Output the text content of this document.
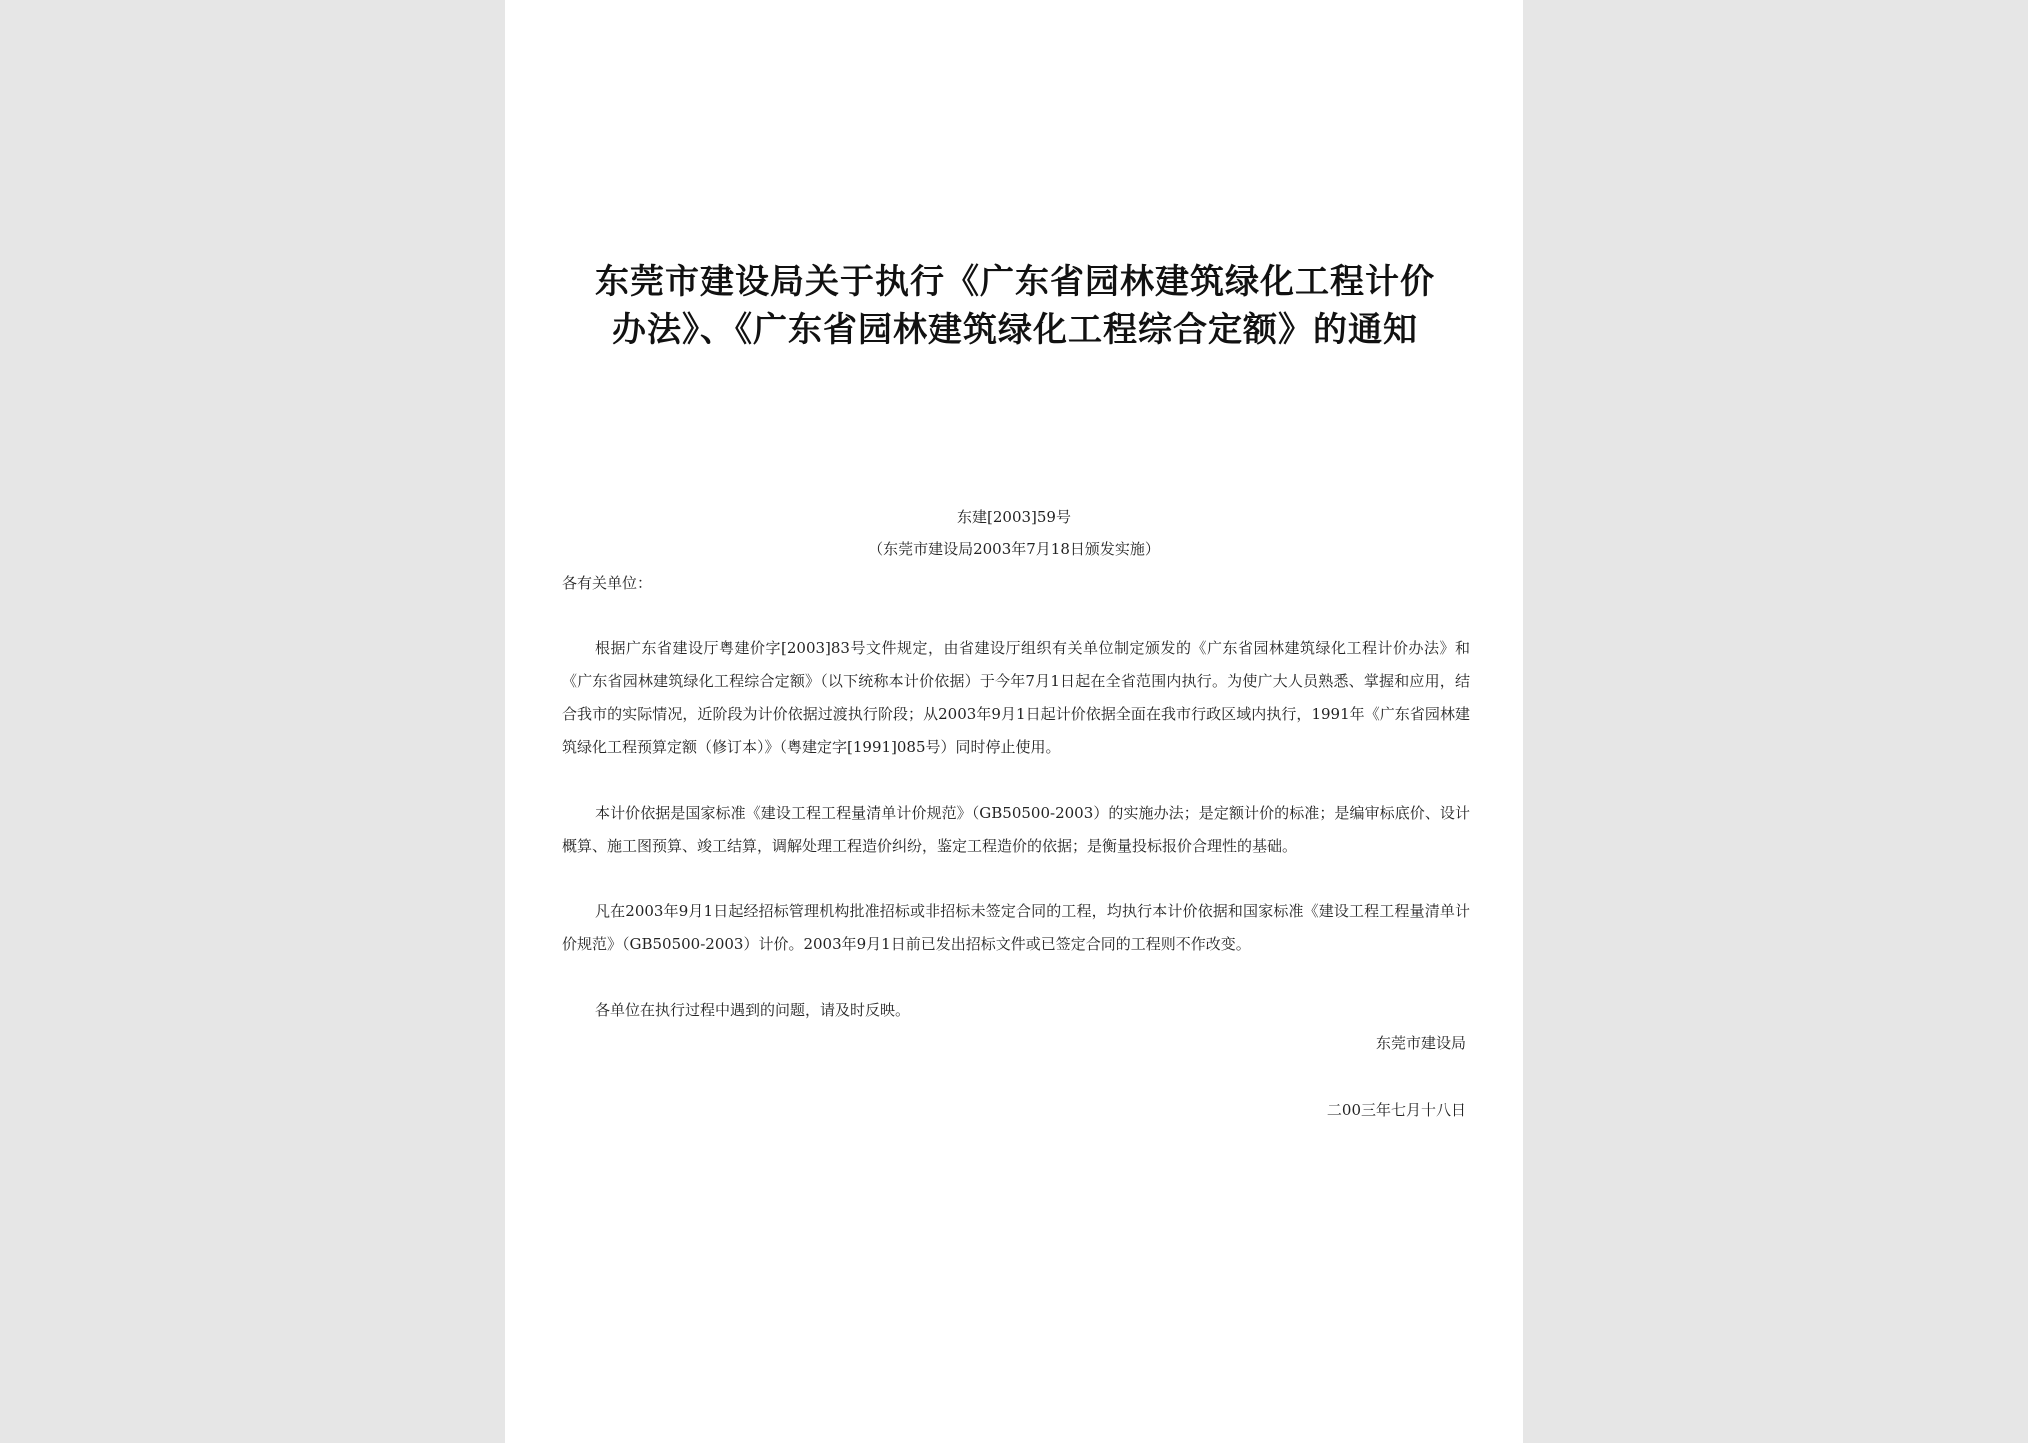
东莞市建设局关于执行《广东省园林建筑绿化工程计价
办法》、《广东省园林建筑绿化工程综合定额》的通知
东建[2003]59号
（东莞市建设局2003年7月18日颁发实施）
各有关单位：

根据广东省建设厅粤建价字[2003]83号文件规定，由省建设厅组织有关单位制定颁发的《广东省园林建筑绿化工程计价办法》和《广东省园林建筑绿化工程综合定额》（以下统称本计价依据）于今年7月1日起在全省范围内执行。为使广大人员熟悉、掌握和应用，结合我市的实际情况，近阶段为计价依据过渡执行阶段；从2003年9月1日起计价依据全面在我市行政区域内执行，1991年《广东省园林建筑绿化工程预算定额（修订本）》（粤建定字[1991]085号）同时停止使用。

本计价依据是国家标准《建设工程工程量清单计价规范》（GB50500-2003）的实施办法；是定额计价的标准；是编审标底价、设计概算、施工图预算、竣工结算，调解处理工程造价纠纷，鉴定工程造价的依据；是衡量投标报价合理性的基础。

凡在2003年9月1日起经招标管理机构批准招标或非招标未签定合同的工程，均执行本计价依据和国家标准《建设工程工程量清单计价规范》（GB50500-2003）计价。2003年9月1日前已发出招标文件或已签定合同的工程则不作改变。

各单位在执行过程中遇到的问题，请及时反映。

东莞市建设局
二00三年七月十八日
